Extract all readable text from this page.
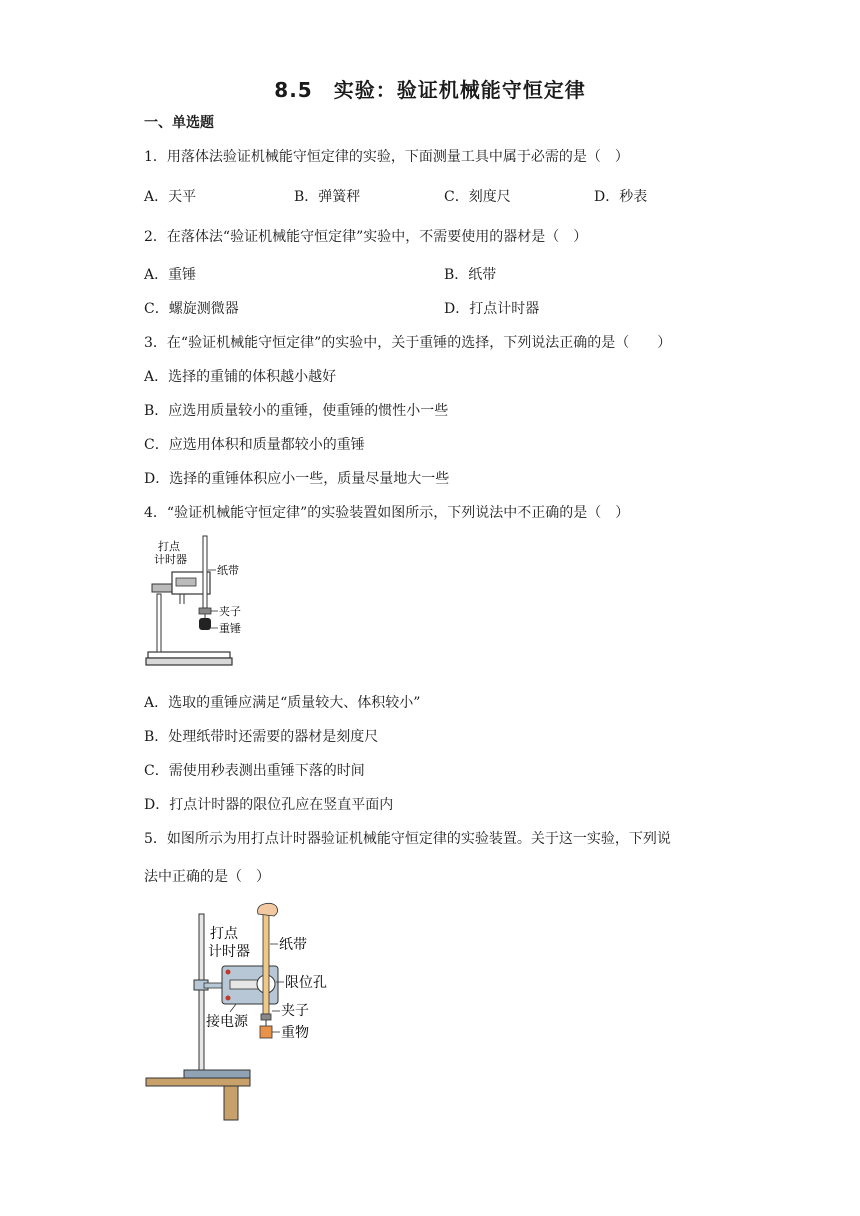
8.5　实验：验证机械能守恒定律
一、单选题
1．用落体法验证机械能守恒定律的实验，下面测量工具中属于必需的是（　）
A．天平	B．弹簧秤	C．刻度尺	D．秒表
2．在落体法“验证机械能守恒定律”实验中，不需要使用的器材是（　）
A．重锤	B．纸带
C．螺旋测微器	D．打点计时器
3．在“验证机械能守恒定律”的实验中，关于重锤的选择，下列说法正确的是（　　）
A．选择的重铺的体积越小越好
B．应选用质量较小的重锤，使重锤的惯性小一些
C．应选用体积和质量都较小的重锤
D．选择的重锤体积应小一些，质量尽量地大一些
4．“验证机械能守恒定律”的实验装置如图所示，下列说法中不正确的是（　）
打点
计时器
纸带
夹子
重锤
A．选取的重锤应满足“质量较大、体积较小”
B．处理纸带时还需要的器材是刻度尺
C．需使用秒表测出重锤下落的时间
D．打点计时器的限位孔应在竖直平面内
5．如图所示为用打点计时器验证机械能守恒定律的实验装置。关于这一实验，下列说
法中正确的是（　）
打点
计时器 纸带
限位孔
接电源
夹子
重物
